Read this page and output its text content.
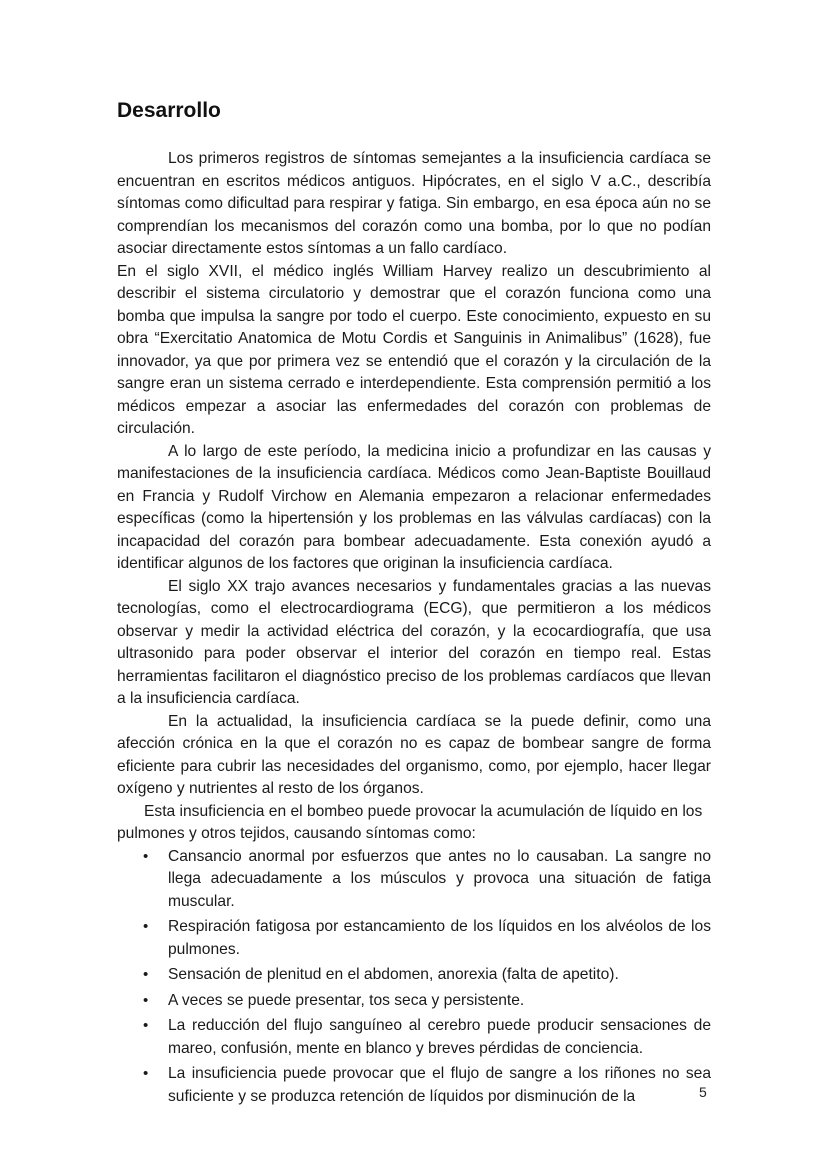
Desarrollo

Los primeros registros de síntomas semejantes a la insuficiencia cardíaca se encuentran en escritos médicos antiguos. Hipócrates, en el siglo V a.C., describía síntomas como dificultad para respirar y fatiga. Sin embargo, en esa época aún no se comprendían los mecanismos del corazón como una bomba, por lo que no podían asociar directamente estos síntomas a un fallo cardíaco.

En el siglo XVII, el médico inglés William Harvey realizo un descubrimiento al describir el sistema circulatorio y demostrar que el corazón funciona como una bomba que impulsa la sangre por todo el cuerpo. Este conocimiento, expuesto en su obra “Exercitatio Anatomica de Motu Cordis et Sanguinis in Animalibus” (1628), fue innovador, ya que por primera vez se entendió que el corazón y la circulación de la sangre eran un sistema cerrado e interdependiente. Esta comprensión permitió a los médicos empezar a asociar las enfermedades del corazón con problemas de circulación.

A lo largo de este período, la medicina inicio a profundizar en las causas y manifestaciones de la insuficiencia cardíaca. Médicos como Jean-Baptiste Bouillaud en Francia y Rudolf Virchow en Alemania empezaron a relacionar enfermedades específicas (como la hipertensión y los problemas en las válvulas cardíacas) con la incapacidad del corazón para bombear adecuadamente. Esta conexión ayudó a identificar algunos de los factores que originan la insuficiencia cardíaca.

El siglo XX trajo avances necesarios y fundamentales gracias a las nuevas tecnologías, como el electrocardiograma (ECG), que permitieron a los médicos observar y medir la actividad eléctrica del corazón, y la ecocardiografía, que usa ultrasonido para poder observar el interior del corazón en tiempo real. Estas herramientas facilitaron el diagnóstico preciso de los problemas cardíacos que llevan a la insuficiencia cardíaca.

En la actualidad, la insuficiencia cardíaca se la puede definir, como una afección crónica en la que el corazón no es capaz de bombear sangre de forma eficiente para cubrir las necesidades del organismo, como, por ejemplo, hacer llegar oxígeno y nutrientes al resto de los órganos.

Esta insuficiencia en el bombeo puede provocar la acumulación de líquido en los pulmones y otros tejidos, causando síntomas como:

• Cansancio anormal por esfuerzos que antes no lo causaban. La sangre no llega adecuadamente a los músculos y provoca una situación de fatiga muscular.
• Respiración fatigosa por estancamiento de los líquidos en los alvéolos de los pulmones.
• Sensación de plenitud en el abdomen, anorexia (falta de apetito).
• A veces se puede presentar, tos seca y persistente.
• La reducción del flujo sanguíneo al cerebro puede producir sensaciones de mareo, confusión, mente en blanco y breves pérdidas de conciencia.
• La insuficiencia puede provocar que el flujo de sangre a los riñones no sea suficiente y se produzca retención de líquidos por disminución de la	5
